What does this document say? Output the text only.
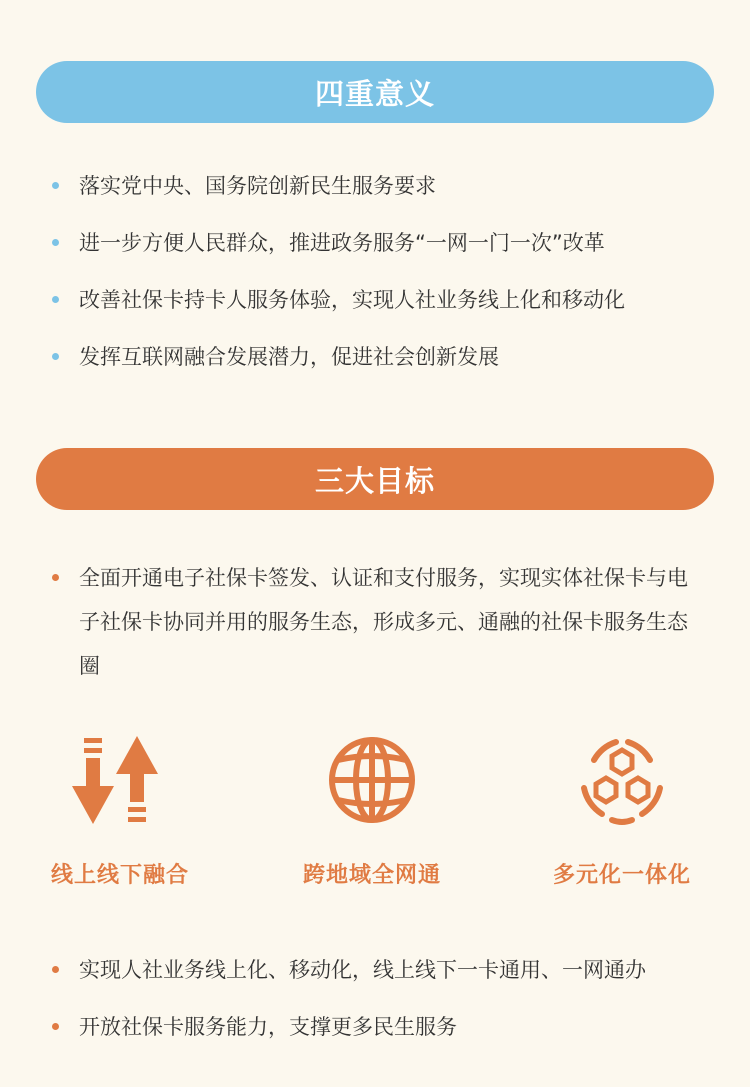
四重意义
落实党中央、国务院创新民生服务要求
进一步方便人民群众，推进政务服务“一网一门一次”改革
改善社保卡持卡人服务体验，实现人社业务线上化和移动化
发挥互联网融合发展潜力，促进社会创新发展
三大目标
全面开通电子社保卡签发、认证和支付服务，实现实体社保卡与电子社保卡协同并用的服务生态，形成多元、通融的社保卡服务生态圈
线上线下融合	跨地域全网通	多元化一体化
实现人社业务线上化、移动化，线上线下一卡通用、一网通办
开放社保卡服务能力，支撑更多民生服务
